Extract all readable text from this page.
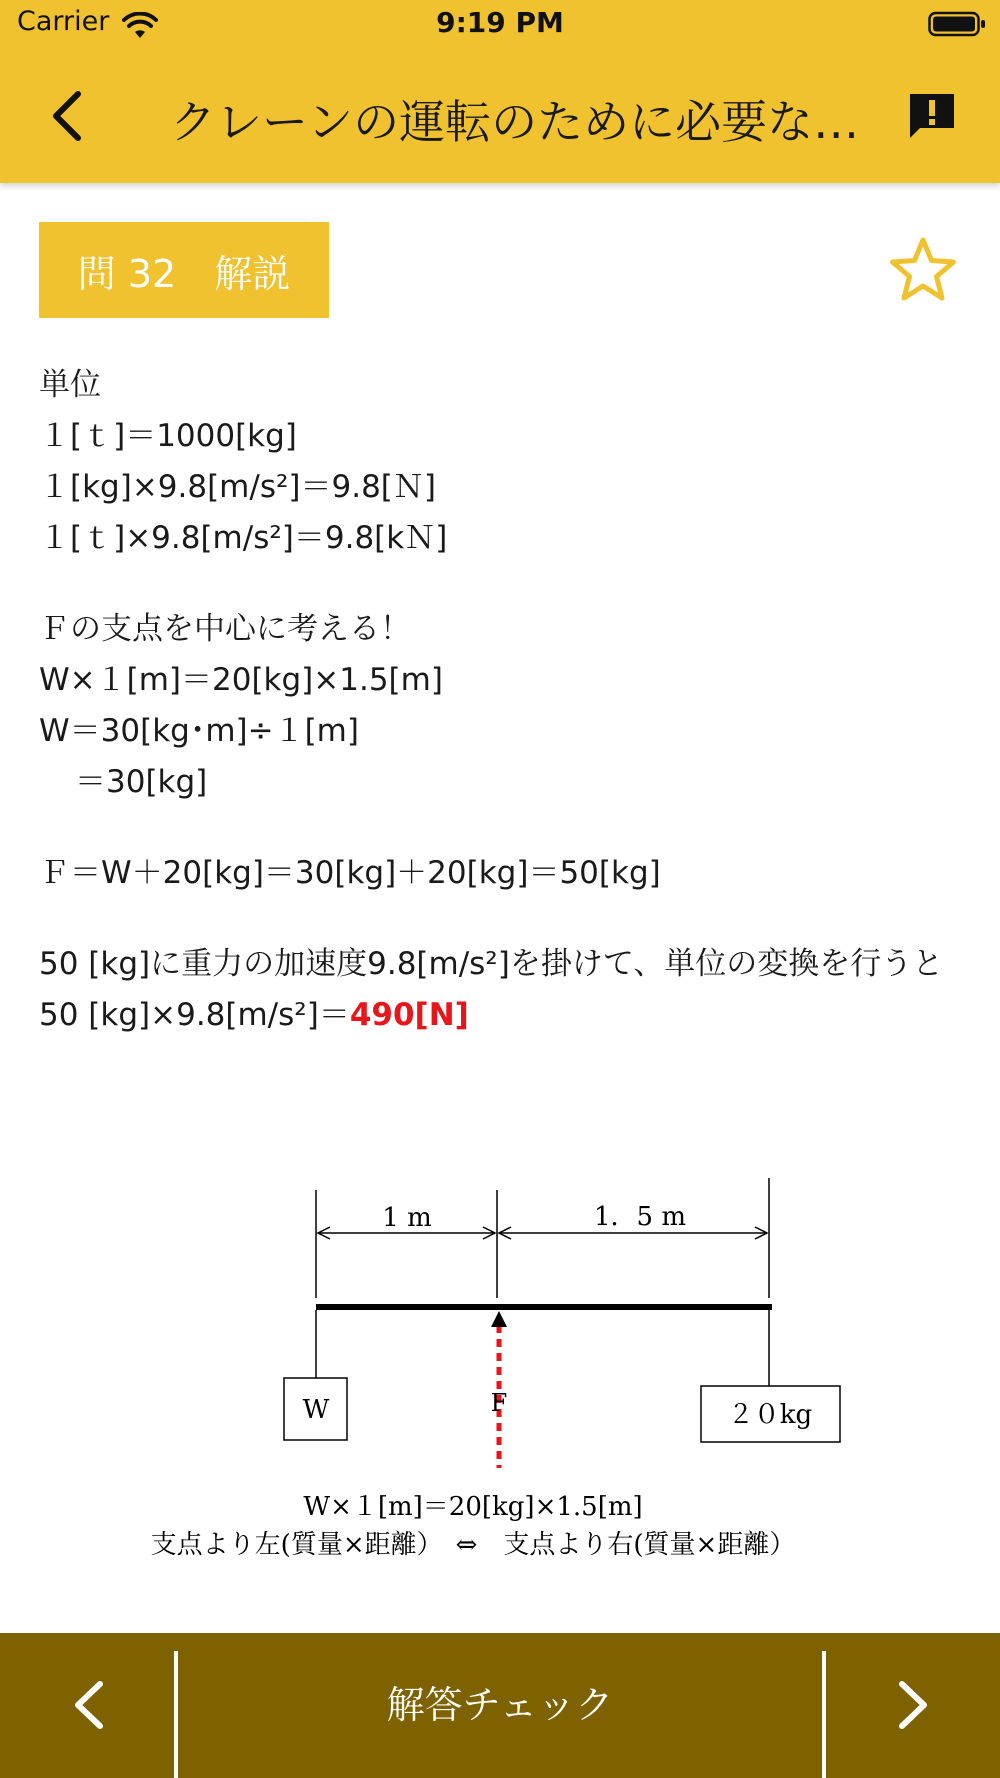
Carrier	9:19 PM
クレーンの運転のために必要な…
問 32　解説
単位
１[ｔ]＝1000[kg]
１[kg]×9.8[m/s²]＝9.8[Ｎ]
１[ｔ]×9.8[m/s²]＝9.8[kＮ]
Ｆの支点を中心に考える！
W×１[m]＝20[kg]×1.5[m]
W＝30[kg･m]÷１[m]
＝30[kg]
Ｆ＝W＋20[kg]＝30[kg]＋20[kg]＝50[kg]
50 [kg]に重力の加速度9.8[m/s²]を掛けて、単位の変換を行うと
50 [kg]×9.8[m/s²]＝490[N]
1 m	1．5 m
W	２０kg
F
W×１[m]＝20[kg]×1.5[m]
支点より左(質量×距離）　⇔　支点より右(質量×距離）
解答チェック
